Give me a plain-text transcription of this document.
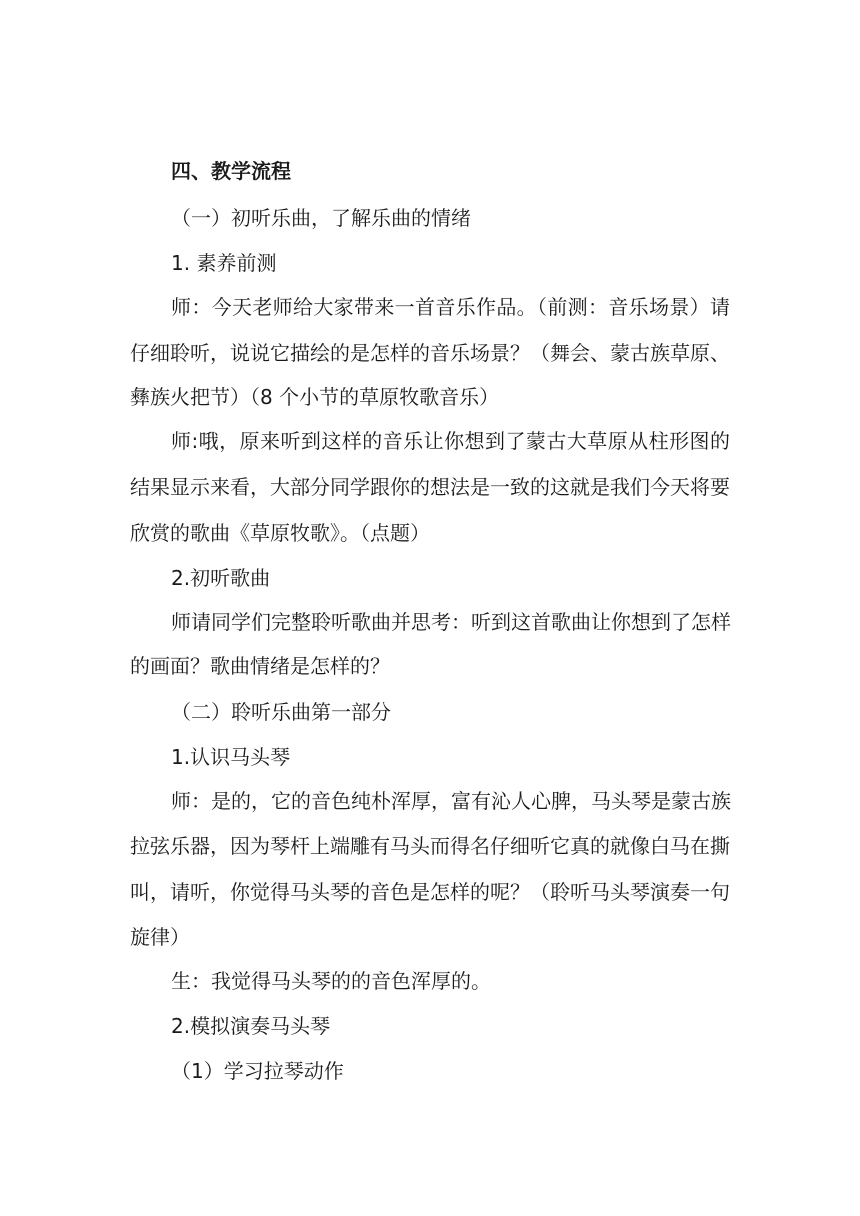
四、教学流程

（一）初听乐曲，了解乐曲的情绪

1. 素养前测

师：今天老师给大家带来一首音乐作品。（前测：音乐场景）请

仔细聆听，说说它描绘的是怎样的音乐场景？（舞会、蒙古族草原、

彝族火把节）（8 个小节的草原牧歌音乐）

师:哦，原来听到这样的音乐让你想到了蒙古大草原从柱形图的

结果显示来看，大部分同学跟你的想法是一致的这就是我们今天将要

欣赏的歌曲《草原牧歌》。（点题）

2.初听歌曲

师请同学们完整聆听歌曲并思考：听到这首歌曲让你想到了怎样

的画面？歌曲情绪是怎样的？

（二）聆听乐曲第一部分

1.认识马头琴

师：是的，它的音色纯朴浑厚，富有沁人心脾，马头琴是蒙古族

拉弦乐器，因为琴杆上端雕有马头而得名仔细听它真的就像白马在撕

叫，请听，你觉得马头琴的音色是怎样的呢？（聆听马头琴演奏一句

旋律）

生：我觉得马头琴的的音色浑厚的。

2.模拟演奏马头琴

（1）学习拉琴动作
